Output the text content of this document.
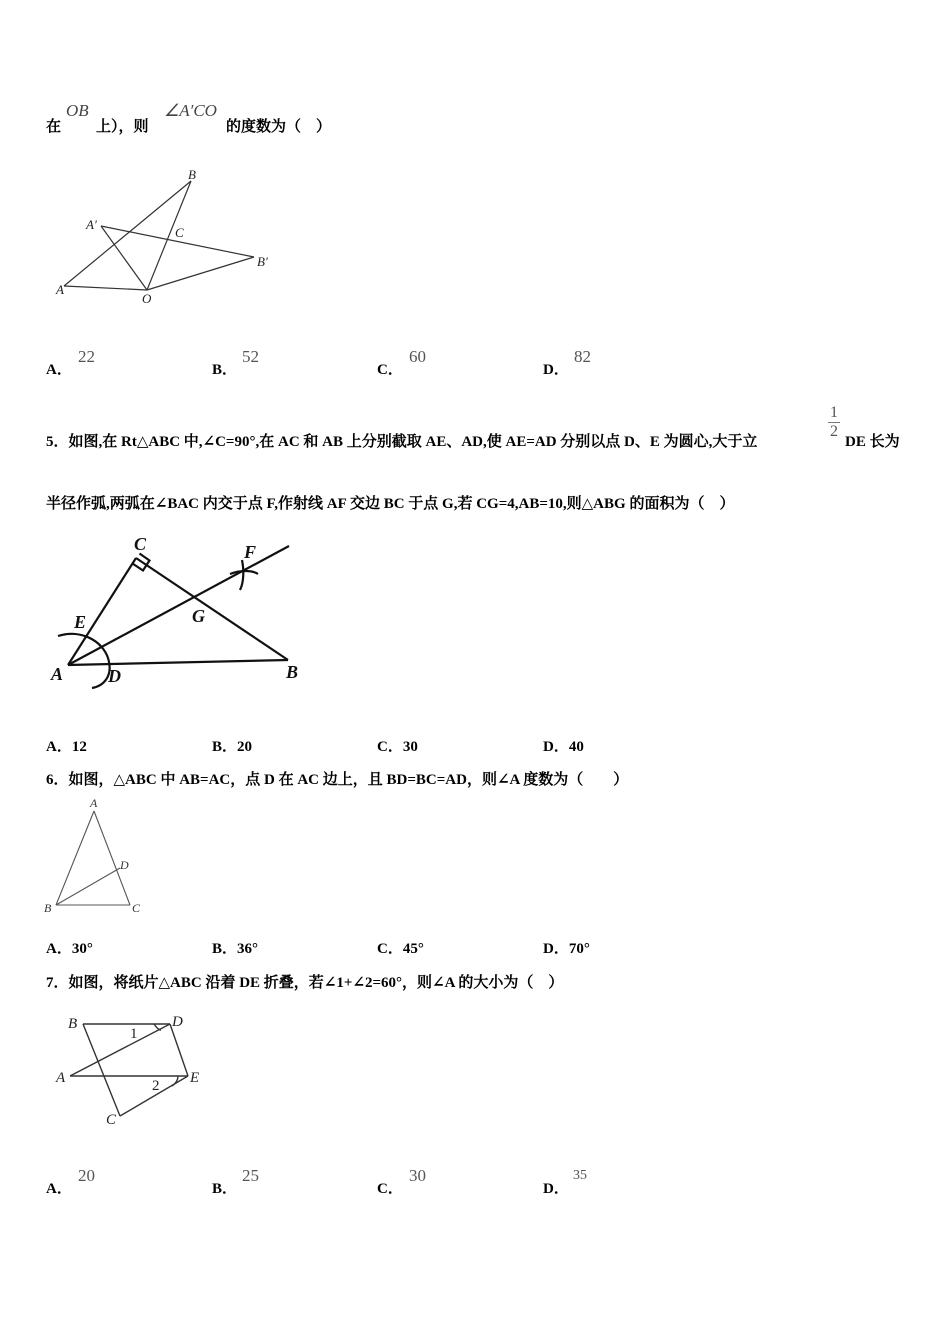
在
OB
上），则
∠A′CO
的度数为（　）
B
A′
C
B′
A
O
A．
22
B．
52
C．
60
D．
82
5．如图,在 Rt△ABC 中,∠C=90°,在 AC 和 AB 上分别截取 AE、AD,使 AE=AD 分别以点 D、E 为圆心,大于立
$\frac{1}{2}$
DE 长为
半径作弧,两弧在∠BAC 内交于点 F,作射线 AF 交边 BC 于点 G,若 CG=4,AB=10,则△ABG 的面积为（　）
C	F
E	G
A D	B
A．12	B．20	C．30	D．40
6．如图，△ABC 中 AB=AC，点 D 在 AC 边上，且 BD=BC=AD，则∠A 度数为（　　）
A
D
B	C
A．30°	B．36°	C．45°	D．70°
7．如图，将纸片△ABC 沿着 DE 折叠，若∠1+∠2=60°，则∠A 的大小为（　）
B
1
D
A	2 E
C
A．
20
B．
25
C．
30
D．
35
